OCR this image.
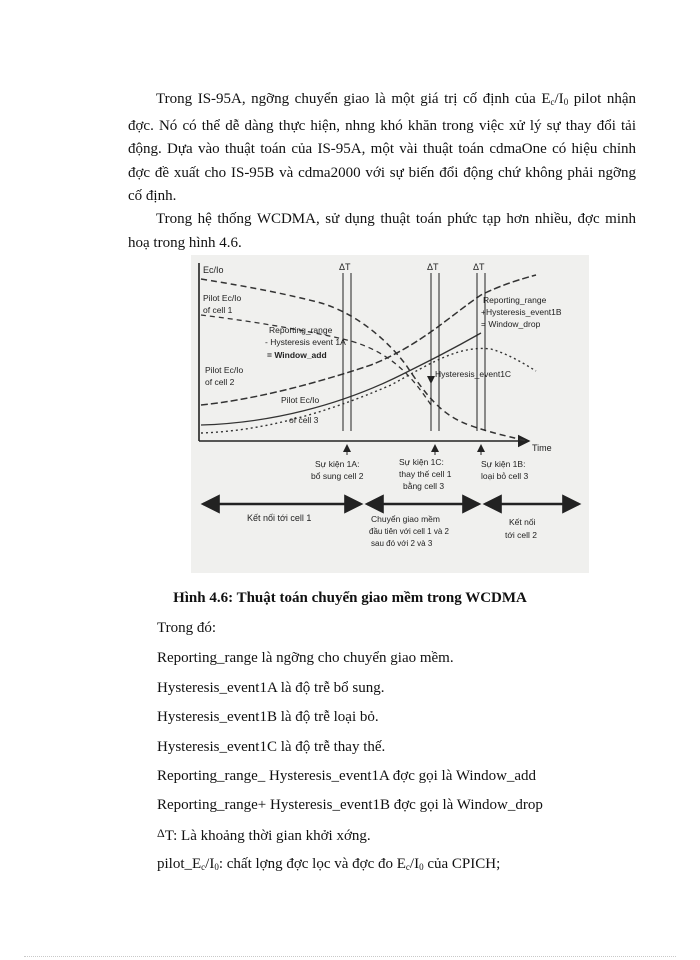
Trong IS-95A, ngỡng chuyển giao là một giá trị cố định của $E_c/I_0$ pilot nhận đợc. Nó có thể dễ dàng thực hiện, nhng khó khăn trong việc xử lý sự thay đổi tải động. Dựa vào thuật toán của IS-95A, một vài thuật toán cdmaOne có hiệu chỉnh đợc đề xuất cho IS-95B và cdma2000 với sự biến đổi động chứ không phải ngỡng cố định.

Trong hệ thống WCDMA, sử dụng thuật toán phức tạp hơn nhiều, đợc minh hoạ trong hình 4.6.

Ec/Io
Time
ΔT	ΔT	ΔT
Pilot Ec/Io
of cell 1
Pilot Ec/Io
of cell 2
Pilot Ec/Io
of cell 3
Reporting_range
- Hysteresis event 1A
= Window_add
Reporting_range
+Hysteresis_event1B
= Window_drop
Hysteresis_event1C
Sự kiện 1A:
bổ sung cell 2
Sự kiện 1C:
thay thế cell 1
bằng cell 3
Sự kiện 1B:
loại bỏ cell 3
Kết nối tới cell 1	Chuyển giao mềm
đầu tiên với cell 1 và 2
sau đó với 2 và 3
Kết nối
tới cell 2
Hình 4.6: Thuật toán chuyển giao mềm trong WCDMA

Trong đó:

Reporting_range là ngỡng cho chuyển giao mềm.

Hysteresis_event1A là độ trễ bổ sung.

Hysteresis_event1B là độ trễ loại bỏ.

Hysteresis_event1C là độ trễ thay thế.

Reporting_range_ Hysteresis_event1A đợc gọi là Window_add

Reporting_range+ Hysteresis_event1B đợc gọi là Window_drop

$^\Delta$T: Là khoảng thời gian khởi xớng.

$pilot\_E_c/I_0$: chất lợng đợc lọc và đợc đo $E_c/I_0$ của CPICH;
